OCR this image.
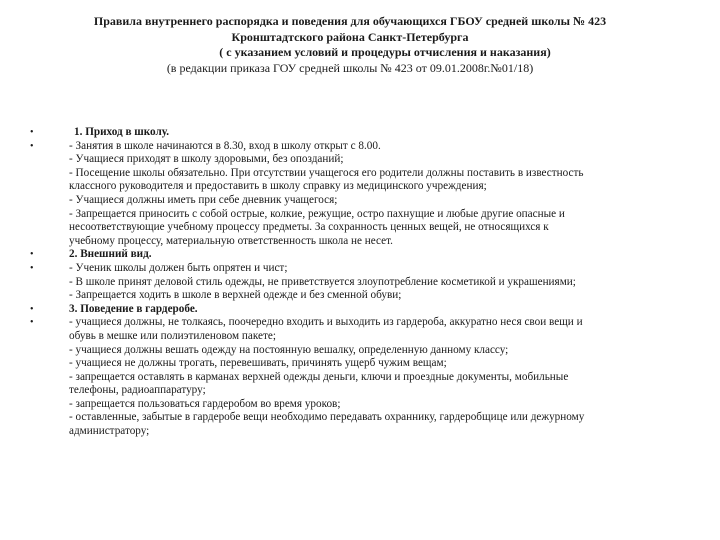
Правила внутреннего распорядка и поведения для обучающихся ГБОУ средней школы № 423
Кронштадтского района Санкт-Петербурга
( с указанием условий и процедуры отчисления и наказания)
(в редакции приказа ГОУ средней школы № 423 от 09.01.2008г.№01/18)
•	1. Приход в школу.
•	- Занятия в школе начинаются в 8.30, вход в школу открыт с 8.00.
- Учащиеся приходят в школу здоровыми, без опозданий;
- Посещение школы обязательно. При отсутствии учащегося его родители должны поставить в известность
классного руководителя и предоставить в школу справку из медицинского учреждения;
- Учащиеся должны иметь при себе дневник учащегося;
- Запрещается приносить с собой острые, колкие, режущие, остро пахнущие и любые другие опасные и
несоответствующие учебному процессу предметы. За сохранность ценных вещей, не относящихся к
учебному процессу, материальную ответственность школа не несет.
•	2. Внешний вид.
•	- Ученик школы должен быть опрятен и чист;
- В школе принят деловой стиль одежды, не приветствуется злоупотребление косметикой и украшениями;
- Запрещается ходить в школе в верхней одежде и без сменной обуви;
•	3. Поведение в гардеробе.
•	- учащиеся должны, не толкаясь, поочередно входить и выходить из гардероба, аккуратно неся свои вещи и
обувь в мешке или полиэтиленовом пакете;
- учащиеся должны вешать одежду на постоянную вешалку, определенную данному классу;
- учащиеся не должны трогать, перевешивать, причинять ущерб чужим вещам;
- запрещается оставлять в карманах верхней одежды деньги, ключи и проездные документы, мобильные
телефоны, радиоаппаратуру;
- запрещается пользоваться гардеробом во время уроков;
- оставленные, забытые в гардеробе вещи необходимо передавать охраннику, гардеробщице или дежурному
администратору;
